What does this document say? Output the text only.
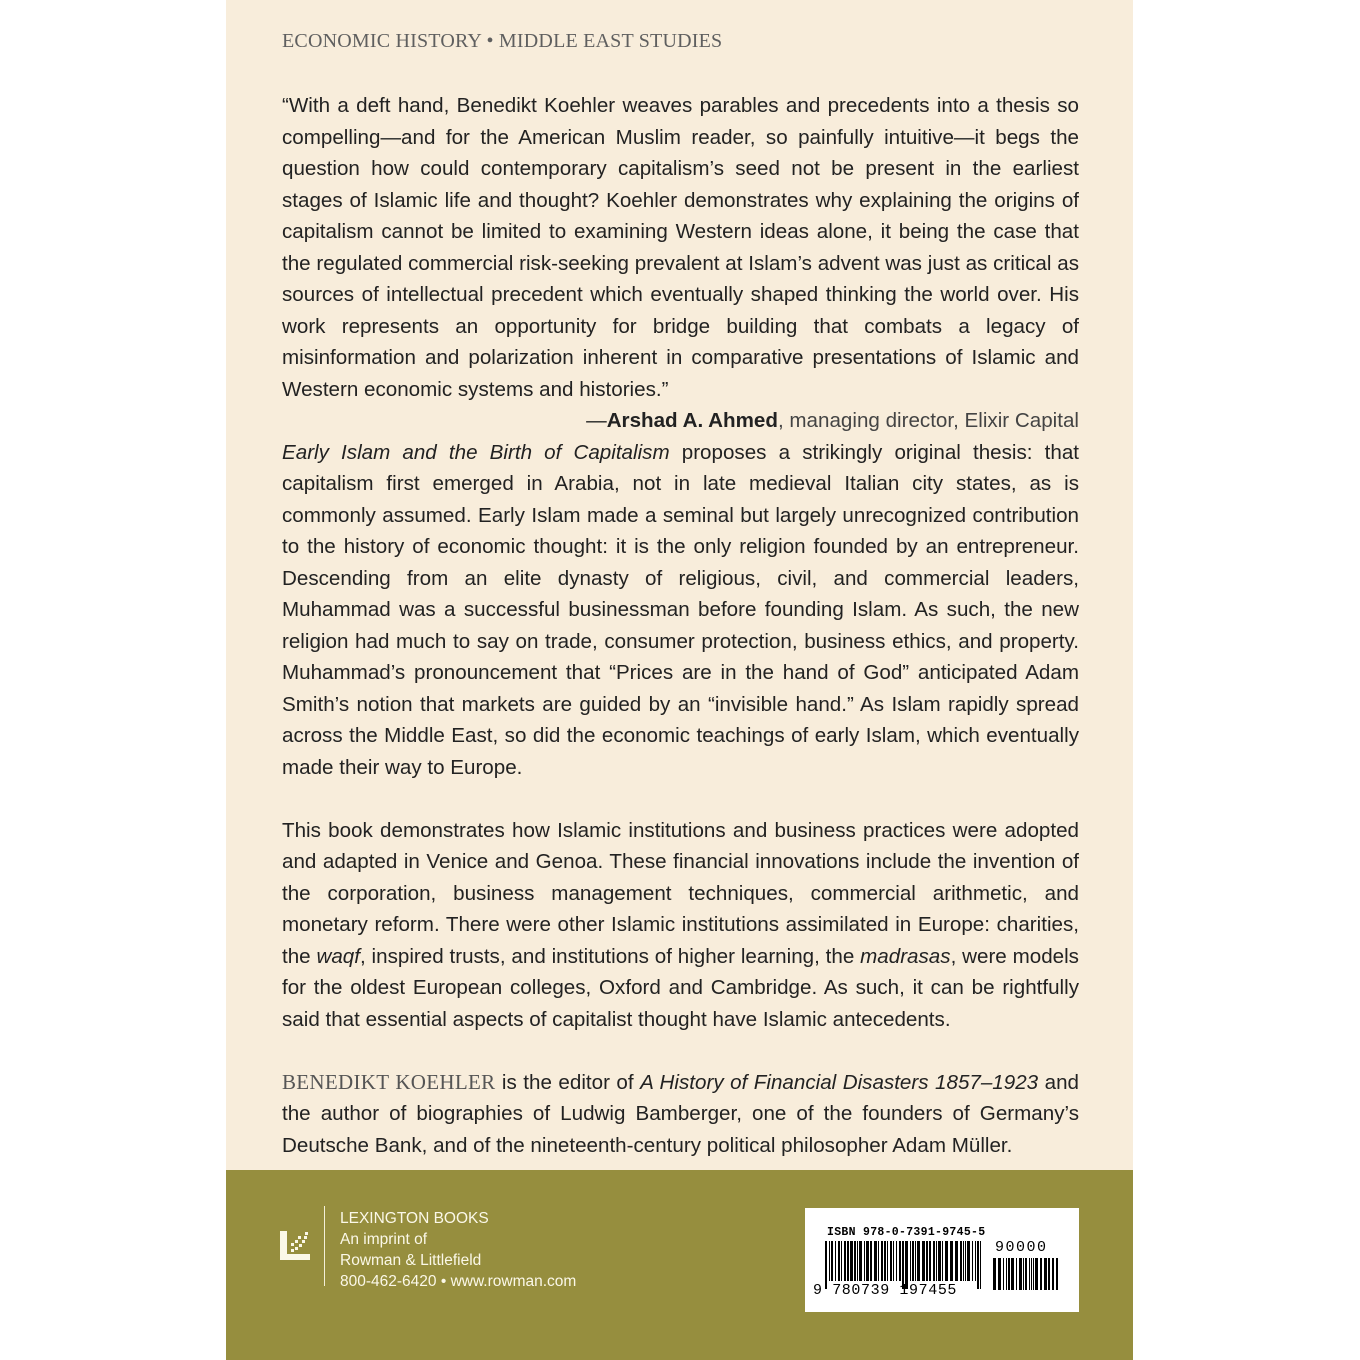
ECONOMIC HISTORY • MIDDLE EAST STUDIES

“With a deft hand, Benedikt Koehler weaves parables and precedents into a thesis so compelling—and for the American Muslim reader, so painfully intuitive—it begs the question how could contemporary capitalism’s seed not be present in the earliest stages of Islamic life and thought? Koehler demonstrates why explaining the origins of capitalism cannot be limited to examining Western ideas alone, it being the case that the regulated commercial risk-seeking prevalent at Islam’s advent was just as critical as sources of intellectual precedent which eventually shaped thinking the world over. His work represents an opportunity for bridge building that combats a legacy of misinformation and polarization inherent in comparative presentations of Islamic and Western economic systems and histories.”
—Arshad A. Ahmed, managing director, Elixir Capital

Early Islam and the Birth of Capitalism proposes a strikingly original thesis: that capitalism first emerged in Arabia, not in late medieval Italian city states, as is commonly assumed. Early Islam made a seminal but largely unrecognized contribution to the history of economic thought: it is the only religion founded by an entrepreneur. Descending from an elite dynasty of religious, civil, and commercial leaders, Muhammad was a successful businessman before founding Islam. As such, the new religion had much to say on trade, consumer protection, business ethics, and property. Muhammad’s pronouncement that “Prices are in the hand of God” anticipated Adam Smith’s notion that markets are guided by an “invisible hand.” As Islam rapidly spread across the Middle East, so did the economic teachings of early Islam, which eventually made their way to Europe.

This book demonstrates how Islamic institutions and business practices were adopted and adapted in Venice and Genoa. These financial innovations include the invention of the corporation, business management techniques, commercial arithmetic, and monetary reform. There were other Islamic institutions assimilated in Europe: charities, the waqf, inspired trusts, and institutions of higher learning, the madrasas, were models for the oldest European colleges, Oxford and Cambridge. As such, it can be rightfully said that essential aspects of capitalist thought have Islamic antecedents.

BENEDIKT KOEHLER is the editor of A History of Financial Disasters 1857–1923 and the author of biographies of Ludwig Bamberger, one of the founders of Germany’s Deutsche Bank, and of the nineteenth-century political philosopher Adam Müller.

LEXINGTON BOOKS
An imprint of
Rowman & Littlefield
800-462-6420 • www.rowman.com
ISBN 978-0-7391-9745-5
90000
9 780739 197455
